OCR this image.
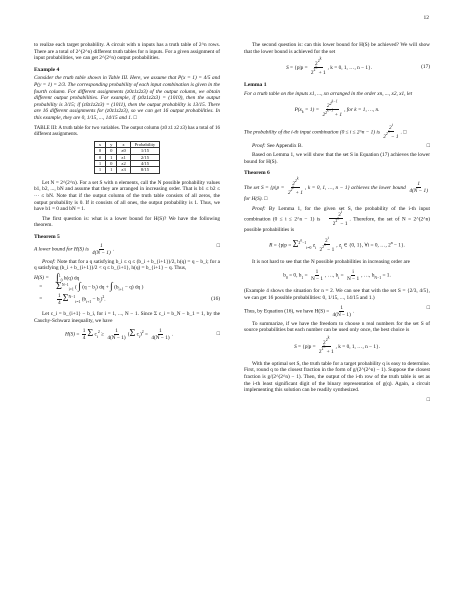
12

to realize each target probability. A circuit with n inputs has a truth table of 2^n rows. There are a total of 2^(2^n) different truth tables for n inputs. For a given assignment of input probabilities, we can get 2^(2^n) output probabilities.

Example 4
Consider the truth table shown in Table III. Here, we assume that P(x = 1) = 4/5 and P(y = 1) = 2/3. The corresponding probability of each input combination is given in the fourth column. For different assignments (z0z1z2z3) of the output column, we obtain different output probabilities. For example, if (z0z1z2z3) = (1010), then the output probability is 3/15; if (z0z1z2z3) = (1011), then the output probability is 13/15. There are 16 different assignments for (z0z1z2z3), so we can get 16 output probabilities. In this example, they are 0, 1/15, ..., 14/15 and 1. □
TABLE III: A truth table for two variables. The output column (z0 z1 z2 z3) has a total of 16 different assignments.
x	y	z	Probability
0	0	z0	1/15
0	1	z1	2/15
1	0	z2	4/15
1	1	z3	8/15

Let N = 2^(2^n). For a set S with n elements, call the N possible probability values b1, b2, ..., bN and assume that they are arranged in increasing order. That is b1 ≤ b2 ≤ ··· ≤ bN. Note that if the output column of the truth table consists of all zeros, the output probability is 0. If it consists of all ones, the output probability is 1. Thus, we have b1 = 0 and bN = 1.

The first question is: what is a lower bound for H(S)? We have the following theorem.

Theorem 5
A lower bound for H(S) is $\frac{1}{4(N - 1)}$ .
□

Proof: Note that for a q satisfying b_i ≤ q ≤ (b_i + b_{i+1})/2, h(q) = q − b_i; for a q satisfying (b_i + b_{i+1})/2 < q ≤ b_{i+1}, h(q) = b_{i+1} − q. Thus,

H(S) = ∫$^1_0$ h(q) dq
=	$\Sigma^{N-1}_{i=1}$ ( ∫ $(q - b_i)$ dq + ∫ $(b_{i+1} - q)$ dq )
=	$\frac{1}{4} \Sigma^{N-1}_{i=1}$ $(b_{i+1} - b_i)^2$.	(16)

Let c_i = b_{i+1} − b_i, for i = 1, ..., N − 1. Since Σ c_i = b_N − b_1 = 1, by the Cauchy-Schwarz inequality, we have

$H(S) = \frac{1}{4}$ Σ $c_i^2 \ge \frac{1}{4(N - 1)} (\Sigma$ $c_i)^2 = \frac{1}{4(N - 1)}$ .	□

The second question is: can this lower bound for H(S) be achieved? We will show that the lower bound is achieved for the set

$S = \{p|p = \frac{2^{2k}}{2^{2k} + 1}$ , k = 0, 1, …, n − 1}.	(17)
Lemma 1
For a truth table on the inputs x1, ..., xn arranged in the order xn, ..., x2, x1, let
$P(x_k = 1) = \frac{2^{2k-1}}{2^{2k-1} + 1}$ , for k = 1, …, n.
The probability of the i-th input combination (0 ≤ i ≤ 2^n − 1) is $\frac{2^i}{2^{2n} - 1}$ . □

Proof: See Appendix B.	□

Based on Lemma 1, we will show that the set S in Equation (17) achieves the lower bound for H(S).

Theorem 6
The set $S = \{p|p = \frac{2^{2k}}{2^{2k} + 1}$ , k = 0, 1, …, n − 1} achieves the lower bound $\frac{1}{4(N - 1)}$
for H(S). □

Proof: By Lemma 1, for the given set S, the probability of the i-th input combination (0 ≤ i ≤ 2^n − 1) is $\frac{2^i}{2^{2n} - 1}$ . Therefore, the set of N = 2^(2^n) possible probabilities is

$R = \{p|p = \Sigma^{2n-1}_{i=0}$ $z_i \frac{2^i}{2^{2n} - 1}$ , $z_i$ ∈ {0, 1}, ∀i = 0, …, $2^n - 1$}.

It is not hard to see that the N possible probabilities in increasing order are

$b_0 = 0$, $b_1 = \frac{1}{N - 1}$ , …, $b_i = \frac{i}{N - 1}$ , …, $b_{N-1} = 1$.

(Example 4 shows the situation for n = 2. We can see that with the set S = {2/3, 4/5}, we can get 16 possible probabilities: 0, 1/15, ..., 14/15 and 1.)

Thus, by Equation (16), we have $H(S) = \frac{1}{4(N - 1)}$ .
□

To summarize, if we have the freedom to choose n real numbers for the set S of source probabilities but each number can be used only once, the best choice is

$S = \{p|p = \frac{2^{2k}}{2^{2k} + 1}$ , k = 0, 1, …, n − 1}.

With the optimal set S, the truth table for a target probability q is easy to determine. First, round q to the closest fraction in the form of g/(2^(2^n) − 1). Suppose the closest fraction is g/(2^(2^n) − 1). Then, the output of the i-th row of the truth table is set as the i-th least significant digit of the binary representation of g(q). Again, a circuit implementing this solution can be readily synthesized.

□
